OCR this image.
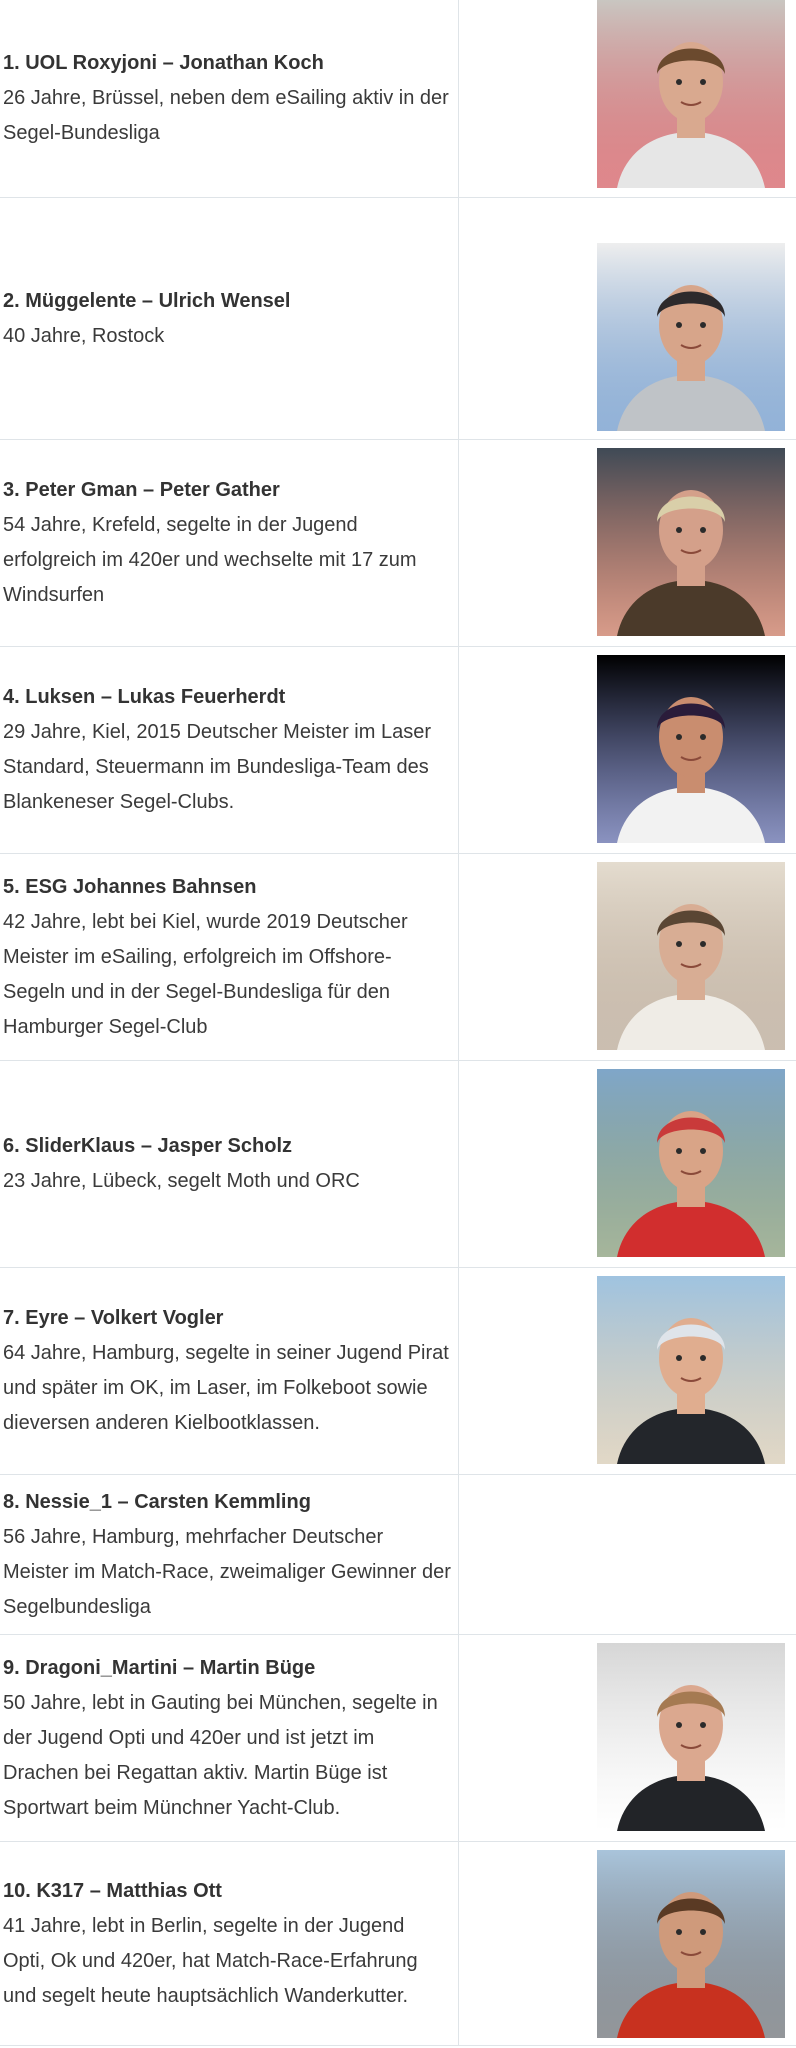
1. UOL Roxyjoni – Jonathan Koch
26 Jahre, Brüssel, neben dem eSailing aktiv in der Segel-Bundesliga
2. Müggelente – Ulrich Wensel
40 Jahre, Rostock
3. Peter Gman – Peter Gather
54 Jahre, Krefeld, segelte in der Jugend erfolgreich im 420er und wechselte mit 17 zum Windsurfen
4. Luksen – Lukas Feuerherdt
29 Jahre, Kiel, 2015 Deutscher Meister im Laser Standard, Steuermann im Bundesliga-Team des Blankeneser Segel-Clubs.
5. ESG Johannes Bahnsen
42 Jahre, lebt bei Kiel, wurde 2019 Deutscher Meister im eSailing, erfolgreich im Offshore-Segeln und in der Segel-Bundesliga für den Hamburger Segel-Club
6. SliderKlaus – Jasper Scholz
23 Jahre, Lübeck, segelt Moth und ORC
7. Eyre – Volkert Vogler
64 Jahre, Hamburg, segelte in seiner Jugend Pirat und später im OK, im Laser, im Folkeboot sowie dieversen anderen Kielbootklassen.
8. Nessie_1 – Carsten Kemmling
56 Jahre, Hamburg, mehrfacher Deutscher Meister im Match-Race, zweimaliger Gewinner der Segelbundesliga
9. Dragoni_Martini – Martin Büge
50 Jahre, lebt in Gauting bei München, segelte in der Jugend Opti und 420er und ist jetzt im Drachen bei Regattan aktiv. Martin Büge ist Sportwart beim Münchner Yacht-Club.
10. K317 – Matthias Ott
41 Jahre, lebt in Berlin, segelte in der Jugend Opti, Ok und 420er, hat Match-Race-Erfahrung und segelt heute hauptsächlich Wanderkutter.
